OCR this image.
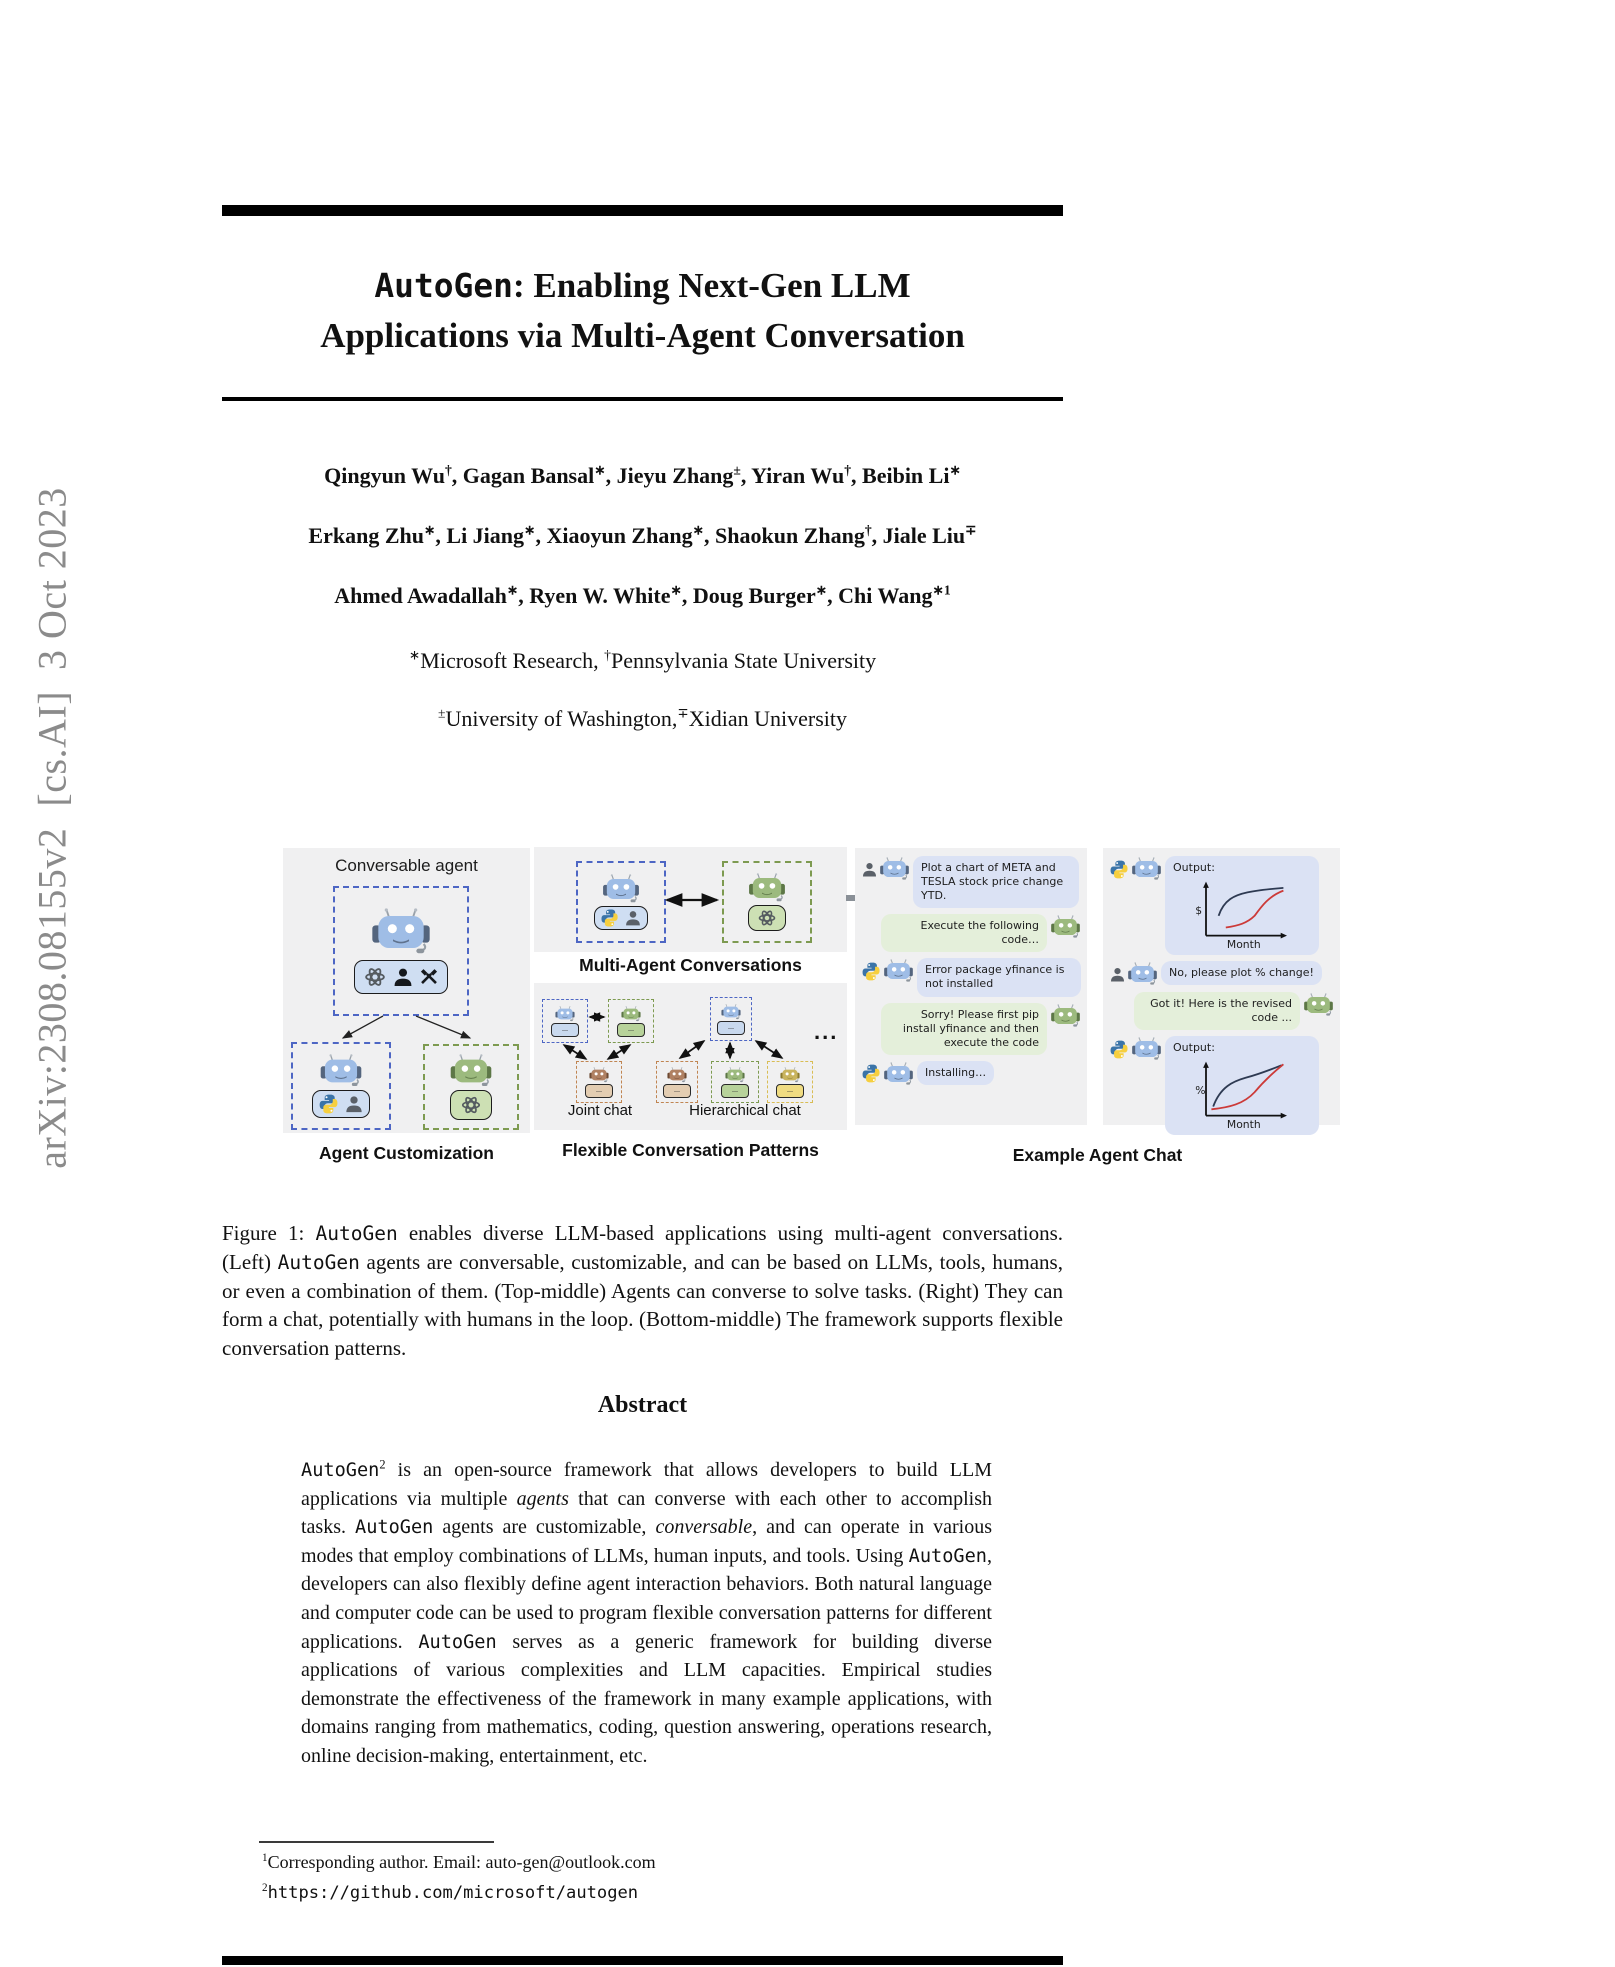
arXiv:2308.08155v2  [cs.AI]  3 Oct 2023
AutoGen: Enabling Next-Gen LLM
Applications via Multi-Agent Conversation
Qingyun Wu†, Gagan Bansal∗, Jieyu Zhang±, Yiran Wu†, Beibin Li∗
Erkang Zhu∗, Li Jiang∗, Xiaoyun Zhang∗, Shaokun Zhang†, Jiale Liu∓
Ahmed Awadallah∗, Ryen W. White∗, Doug Burger∗, Chi Wang$^{∗1}$
∗Microsoft Research, †Pennsylvania State University
±University of Washington,∓Xidian University
Conversable agent
Agent Customization
Multi-Agent Conversations
...	...
...
...
...	...	...
...
Joint chat	Hierarchical chat
Flexible Conversation Patterns
Plot a chart of META and TESLA stock price change YTD.
Execute the following code…
Error package yfinance is not installed
Sorry! Please first pip install yfinance and then execute the code
Installing…
Output:
$
Month
No, please plot % change!
Got it! Here is the revised code ...
Output:
%
Month
Example Agent Chat

Figure 1: AutoGen enables diverse LLM-based applications using multi-agent conversations. (Left) AutoGen agents are conversable, customizable, and can be based on LLMs, tools, humans, or even a combination of them. (Top-middle) Agents can converse to solve tasks. (Right) They can form a chat, potentially with humans in the loop. (Bottom-middle) The framework supports flexible conversation patterns.

Abstract

AutoGen$^2$ is an open-source framework that allows developers to build LLM applications via multiple agents that can converse with each other to accomplish tasks. AutoGen agents are customizable, conversable, and can operate in various modes that employ combinations of LLMs, human inputs, and tools. Using AutoGen, developers can also flexibly define agent interaction behaviors. Both natural language and computer code can be used to program flexible conversation patterns for different applications. AutoGen serves as a generic framework for building diverse applications of various complexities and LLM capacities. Empirical studies demonstrate the effectiveness of the framework in many example applications, with domains ranging from mathematics, coding, question answering, operations research, online decision-making, entertainment, etc.

$^1$Corresponding author. Email: auto-gen@outlook.com
$^2$https://github.com/microsoft/autogen
